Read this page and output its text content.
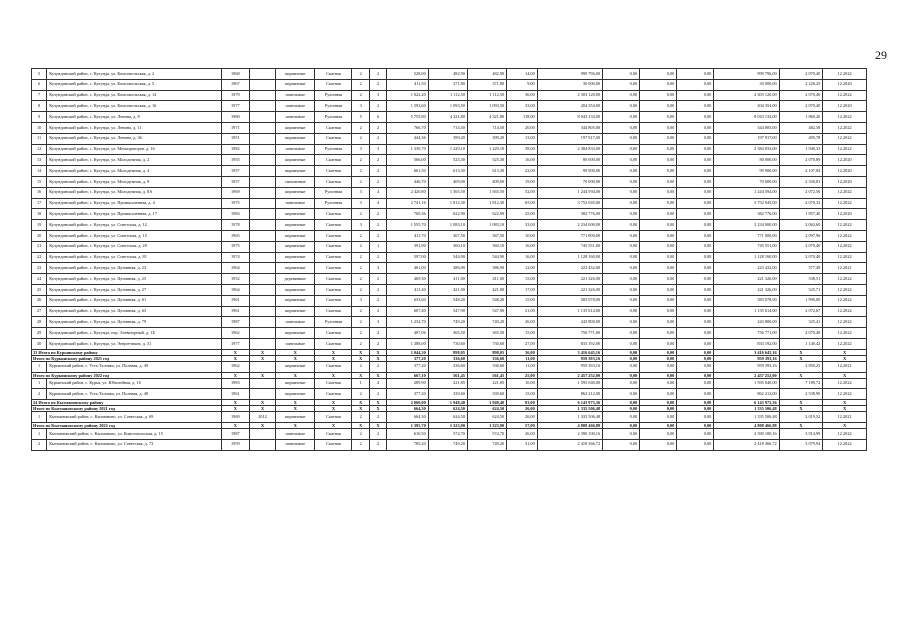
29
5	Кулундинский район, с. Кулунда, ул. Комсомольская, д. 2	1968		кирпичные	Скатная	2	2	528,00	482,90	482,90	14,00	999 796,00	0,00	0,00	0,00	999 796,00	2 070,40	12.2022
6	Кулундинский район, с. Кулунда, ул. Комсомольская, д. 5	1967		кирпичные	Скатная	2	2	411,50	371,80	371,80	9,00	30 000,00	0,00	0,00	0,00	30 000,00	2 226,25	12.2020
7	Кулундинский район, с. Кулунда, ул. Комсомольская, д. 14	1979		панельные	Рулонная	2	3	1 022,20	1 112,50	1 112,50	36,00	2 303 120,00	0,00	0,00	0,00	2 303 120,00	2 070,40	12.2022
8	Кулундинский район, с. Кулунда, ул. Комсомольская, д. 16	1977		панельные	Рулонная	3	2	1 593,60	1 093,50	1 093,50	33,00	204 354,00	0,00	0,00	0,00	204 354,00	2 070,40	12.2020
9	Кулундинский район, с. Кулунда, ул. Ленина, д. 8	1980		панельные	Рулонная	5	6	5 755,80	4 321,80	4 321,80	118,00	8 043 133,00	0,00	0,00	0,00	8 043 133,00	1 860,20	12.2022
10	Кулундинский район, с. Кулунда, ул. Ленина, д. 11	1971		кирпичные	Скатная	2	2	766,70	714,50	714,50	20,00	344 805,00	0,00	0,00	0,00	344 805,00	482,58	12.2022
11	Кулундинский район, с. Кулунда, ул. Ленина, д. 36	1951		кирпичные	Скатная	2	2	444,36	399,20	399,20	13,00	197 917,00	0,00	0,00	0,00	197 917,00	495,78	12.2022
12	Кулундинский район, с. Кулунда, ул. Мелиораторов, д. 16	1982		панельные	Рулонная	3	3	1 330,70	1 229,10	1 229,10	38,00	2 384 833,00	0,00	0,00	0,00	2 384 833,00	1 940,31	12.2022
13	Кулундинский район, с. Кулунда, ул. Молодежная, д. 2	1955		кирпичные	Скатная	2	2	566,00	525,30	525,30	16,00	80 000,00	0,00	0,00	0,00	80 000,00	2 070,89	12.2020
14	Кулундинский район, с. Кулунда, ул. Молодежная, д. 4	1957		кирпичные	Скатная	2	2	661,50	613,30	613,30	22,00	99 900,00	0,00	0,00	0,00	99 900,00	2 107,84	12.2020
15	Кулундинский район, с. Кулунда, ул. Молодежная, д. 8	1957		смешанные	Скатная	2	2	446,70	409,00	409,00	19,00	70 000,00	0,00	0,00	0,00	70 000,00	2 330,81	12.2020
16	Кулундинский район, с. Кулунда, ул. Молодежная, д. 8А	1969		кирпичные	Рулонная	3	4	2 420,80	1 565,50	1 565,50	52,00	1 244 594,00	0,00	0,00	0,00	1 244 594,00	2 072,56	12.2022
17	Кулундинский район, с. Кулунда, ул. Промышленная, д. 4	1975		панельные	Рулонная	3	4	2 741,16	1 812,30	1 812,30	65,00	3 752 045,00	0,00	0,00	0,00	3 752 045,00	2 070,32	12.2022
18	Кулундинский район, с. Кулунда, ул. Промышленная, д. 17	1984		кирпичные	Скатная	2	2	700,36	622,90	622,90	25,00	382 776,00	0,00	0,00	0,00	382 776,00	1 857,40	12.2020
19	Кулундинский район, с. Кулунда, ул. Советская, д. 12	1978		кирпичные	Скатная	3	2	1 555,70	1 083,10	1 083,10	33,00	2 234 000,00	0,00	0,00	0,00	2 234 000,00	2 062,60	12.2022
20	Кулундинский район, с. Кулунда, ул. Советская, д. 15	1965		кирпичные	Скатная	2	2	411,70	367,50	367,50	10,00	771 000,00	0,00	0,00	0,00	771 000,00	2 097,96	12.2022
21	Кулундинский район, с. Кулунда, ул. Советская, д. 20	1975		кирпичные	Скатная	2	1	391,90	360,10	360,10	16,00	745 551,00	0,00	0,00	0,00	745 551,00	2 070,40	12.2022
22	Кулундинский район, с. Кулунда, ул. Советская, д. 81	1974		кирпичные	Скатная	2	2	597,00	544,90	544,90	16,00	1 128 160,00	0,00	0,00	0,00	1 128 160,00	2 070,40	12.2022
23	Кулундинский район, с. Кулунда, ул. Целинная, д. 23	1964		кирпичные	Скатная	2	3	461,00	386,90	386,90	12,00	223 432,00	0,00	0,00	0,00	223 432,00	577,49	12.2021
24	Кулундинский район, с. Кулунда, ул. Целинная, д. 25	1952		деревянные	Скатная	2	2	469,30	411,00	411,00	15,00	221 326,00	0,00	0,00	0,00	221 326,00	538,51	12.2022
25	Кулундинский район, с. Кулунда, ул. Целинная, д. 27	1964		кирпичные	Скатная	2	2	411,40	421,00	421,00	17,00	221 326,00	0,00	0,00	0,00	221 326,00	525,71	12.2022
26	Кулундинский район, с. Кулунда, ул. Целинная, д. 61	1961		кирпичные	Скатная	3	2	633,60	548,20	548,20	15,00	583 078,00	0,00	0,00	0,00	583 078,00	1 990,00	12.2022
27	Кулундинский район, с. Кулунда, ул. Целинная, д. 63	1961		кирпичные	Скатная	2	2	607,40	547,90	547,90	21,00	1 135 614,00	0,00	0,00	0,00	1 135 614,00	2 072,67	12.2022
28	Кулундинский район, с. Кулунда, ул. Целинная, д. 79	1987		панельные	Рулонная	2	3	1 232,70	749,20	749,20	26,00	243 800,00	0,00	0,00	0,00	243 800,00	325,41	12.2022
29	Кулундинский район, с. Кулунда, пер. Элеваторный, д. 1Б	1962		кирпичные	Скатная	2	2	407,06	365,50	365,50	15,00	756 771,00	0,00	0,00	0,00	756 771,00	2 070,40	12.2022
30	Кулундинский район, с. Кулунда, ул. Энергетиков, д. 31	1977		панельные	Скатная	2	2	1 388,00	730,60	730,60	27,00	833 192,00	0,00	0,00	0,00	833 192,00	1 140,42	12.2022
33 Итого по Курьинскому району		X	X	X	X	X	X	1 044,30	898,05	898,05	36,00	3 416 645,16	0,00	0,00	0,00	3 416 645,16	X	X
Итого по Курьинскому району 2021 год		X	X	X	X	X	X	377,20	336,60	336,60	11,00	959 393,16	0,00	0,00	0,00	959 393,16	X	X
1	Курьинский район, с. Усть-Таловка, ул. Полевая, д. 49	1962		кирпичные	Скатная	2	2	377,20	336,60	336,60	11,00	959 393,16	0,00	0,00	0,00	959 393,16	2 850,25	12.2021
Итого по Курьинскому району 2022 год		X	X	X	X	X	X	667,10	561,45	561,45	25,00	2 457 252,00	0,00	0,00	0,00	2 457 252,00	X	X
1	Курьинский район, с. Курья, ул. Юбилейная, д. 16	1983		кирпичные	Скатная	1	4	289,90	221,85	221,85	10,00	1 595 040,00	0,00	0,00	0,00	1 595 040,00	7 189,72	12.2022
2	Курьинский район, с. Усть-Таловка, ул. Полевая, д. 48	1961		кирпичные	Скатная	2	2	377,20	339,60	339,60	15,00	862 212,00	0,00	0,00	0,00	862 212,00	2 538,90	12.2022
34 Итого по Кытмановскому району		X	X	X	X	X	X	2 060,00	1 948,40	1 948,40	83,00	6 143 973,36	0,00	0,00	0,00	6 143 973,36	X	X
Итого по Кытмановскому району 2021 год		X	X	X	X	X	X	664,30	624,50	624,50	26,00	1 335 506,48	0,00	0,00	0,00	1 335 506,48	X	X
1	Кытмановский район, с. Кытманово, ул. Советская, д. 69	1969	2012	кирпичные	Скатная	2	2	664,30	624,50	624,50	26,00	1 335 506,48	0,00	0,00	0,00	1 335 506,48	2 019,52	12.2021
Итого по Кытмановскому району 2022 год		X	X	X	X	X	X	1 395,70	1 323,90	1 323,90	57,00	4 808 466,88	0,00	0,00	0,00	4 808 466,88	X	X
1	Кытмановский район, с. Кытманово, ул. Комсомольская, д. 15	1987		панельные	Скатная	2	2	610,50	574,70	574,70	26,00	2 390 100,16	0,00	0,00	0,00	2 390 100,16	3 914,99	12.2022
2	Кытмановский район, с. Кытманово, ул. Советская, д. 73	1959		панельные	Скатная	2	2	785,20	749,20	749,20	31,00	2 418 366,72	0,00	0,00	0,00	2 418 366,72	3 079,94	12.2022
